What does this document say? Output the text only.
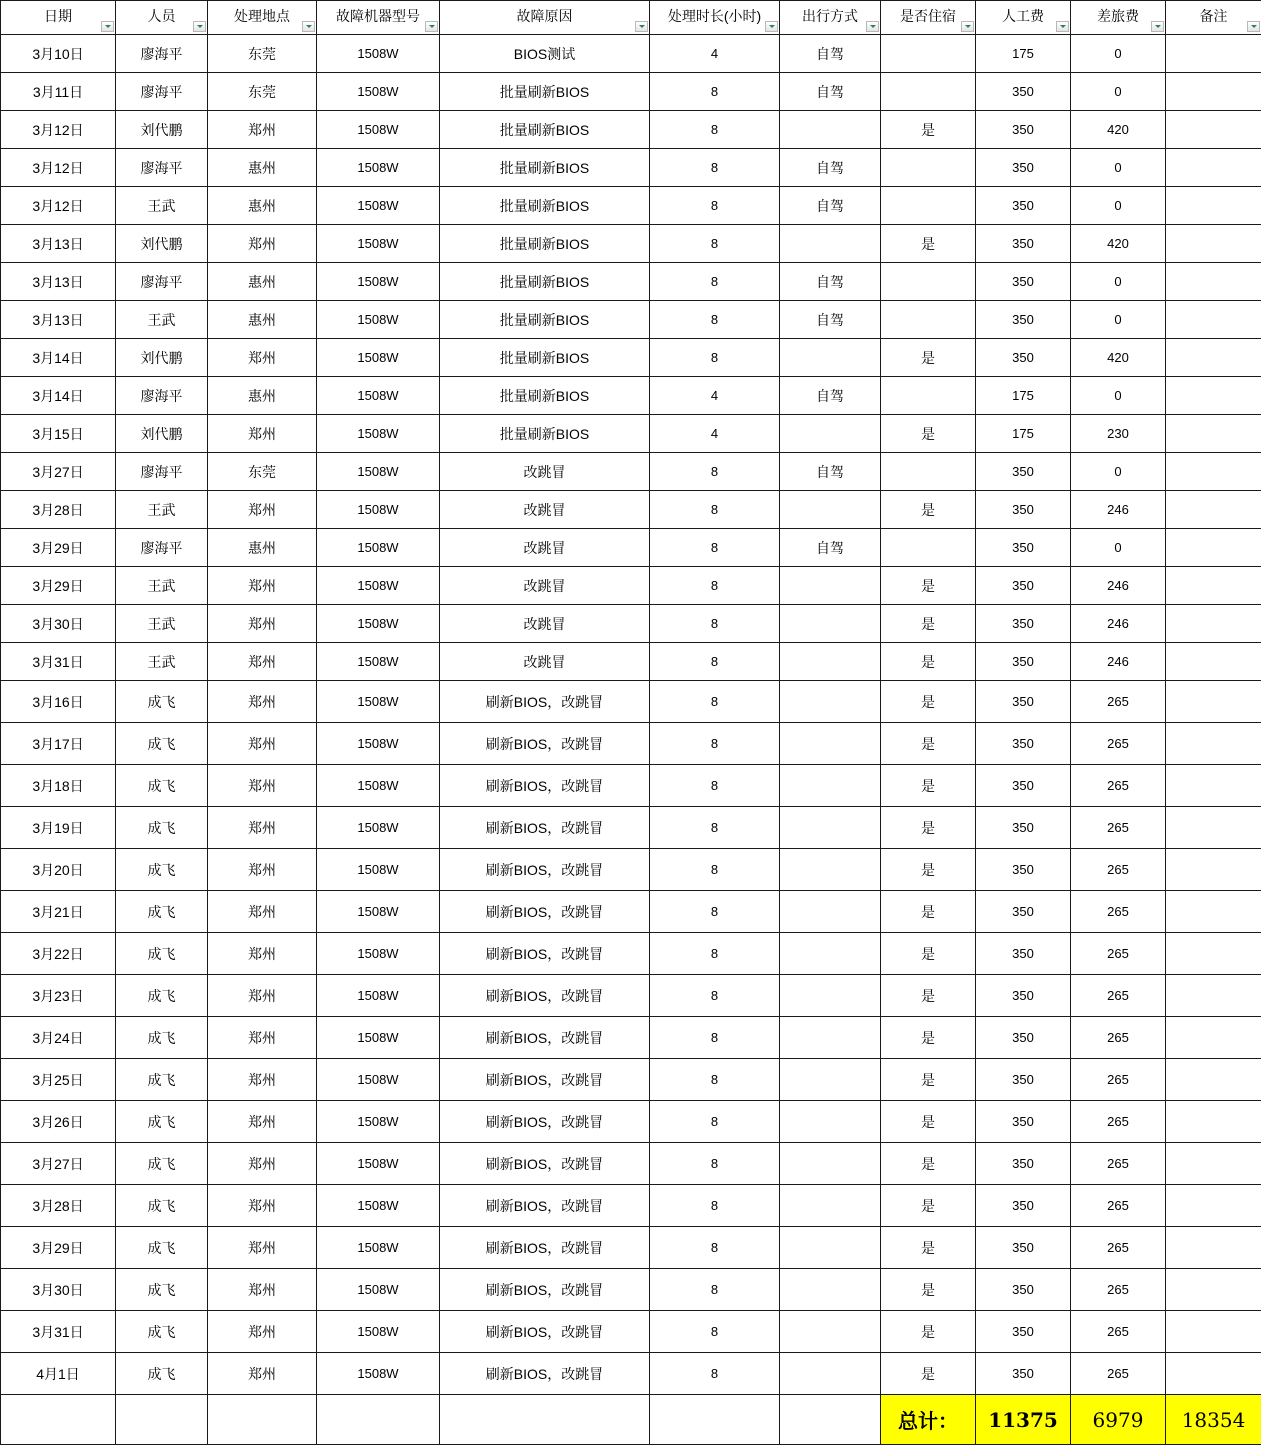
日期	人员	处理地点	故障机器型号	故障原因	处理时长(小时)	出行方式	是否住宿	人工费	差旅费	备注

3月10日	廖海平	东莞	1508W	BIOS测试	4	自驾		175	0	
3月11日	廖海平	东莞	1508W	批量刷新BIOS	8	自驾		350	0	
3月12日	刘代鹏	郑州	1508W	批量刷新BIOS	8		是	350	420	
3月12日	廖海平	惠州	1508W	批量刷新BIOS	8	自驾		350	0	
3月12日	王武	惠州	1508W	批量刷新BIOS	8	自驾		350	0	
3月13日	刘代鹏	郑州	1508W	批量刷新BIOS	8		是	350	420	
3月13日	廖海平	惠州	1508W	批量刷新BIOS	8	自驾		350	0	
3月13日	王武	惠州	1508W	批量刷新BIOS	8	自驾		350	0	
3月14日	刘代鹏	郑州	1508W	批量刷新BIOS	8		是	350	420	
3月14日	廖海平	惠州	1508W	批量刷新BIOS	4	自驾		175	0	
3月15日	刘代鹏	郑州	1508W	批量刷新BIOS	4		是	175	230	
3月27日	廖海平	东莞	1508W	改跳冒	8	自驾		350	0	
3月28日	王武	郑州	1508W	改跳冒	8		是	350	246	
3月29日	廖海平	惠州	1508W	改跳冒	8	自驾		350	0	
3月29日	王武	郑州	1508W	改跳冒	8		是	350	246	
3月30日	王武	郑州	1508W	改跳冒	8		是	350	246	
3月31日	王武	郑州	1508W	改跳冒	8		是	350	246	
3月16日	成飞	郑州	1508W	刷新BIOS，改跳冒	8		是	350	265	
3月17日	成飞	郑州	1508W	刷新BIOS，改跳冒	8		是	350	265	
3月18日	成飞	郑州	1508W	刷新BIOS，改跳冒	8		是	350	265	
3月19日	成飞	郑州	1508W	刷新BIOS，改跳冒	8		是	350	265	
3月20日	成飞	郑州	1508W	刷新BIOS，改跳冒	8		是	350	265	
3月21日	成飞	郑州	1508W	刷新BIOS，改跳冒	8		是	350	265	
3月22日	成飞	郑州	1508W	刷新BIOS，改跳冒	8		是	350	265	
3月23日	成飞	郑州	1508W	刷新BIOS，改跳冒	8		是	350	265	
3月24日	成飞	郑州	1508W	刷新BIOS，改跳冒	8		是	350	265	
3月25日	成飞	郑州	1508W	刷新BIOS，改跳冒	8		是	350	265	
3月26日	成飞	郑州	1508W	刷新BIOS，改跳冒	8		是	350	265	
3月27日	成飞	郑州	1508W	刷新BIOS，改跳冒	8		是	350	265	
3月28日	成飞	郑州	1508W	刷新BIOS，改跳冒	8		是	350	265	
3月29日	成飞	郑州	1508W	刷新BIOS，改跳冒	8		是	350	265	
3月30日	成飞	郑州	1508W	刷新BIOS，改跳冒	8		是	350	265	
3月31日	成飞	郑州	1508W	刷新BIOS，改跳冒	8		是	350	265	
4月1日	成飞	郑州	1508W	刷新BIOS，改跳冒	8		是	350	265	
							总计：	11375	6979	18354
